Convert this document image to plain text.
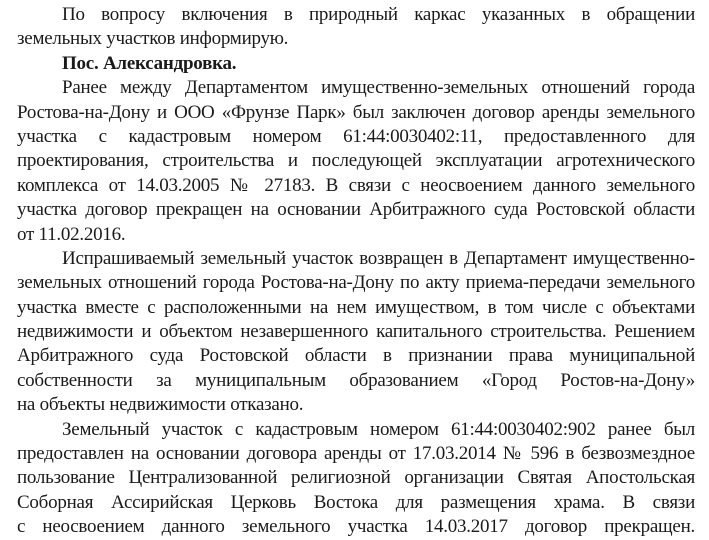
По вопросу включения в природный каркас указанных в обращении
земельных участков информирую.
Пос. Александровка.
Ранее между Департаментом имущественно-земельных отношений города
Ростова-на-Дону и ООО «Фрунзе Парк» был заключен договор аренды земельного
участка с кадастровым номером 61:44:0030402:11, предоставленного для
проектирования, строительства и последующей эксплуатации агротехнического
комплекса от 14.03.2005 № 27183. В связи с неосвоением данного земельного
участка договор прекращен на основании Арбитражного суда Ростовской области
от 11.02.2016.
Испрашиваемый земельный участок возвращен в Департамент имущественно-
земельных отношений города Ростова-на-Дону по акту приема-передачи земельного
участка вместе с расположенными на нем имуществом, в том числе с объектами
недвижимости и объектом незавершенного капитального строительства. Решением
Арбитражного суда Ростовской области в признании права муниципальной
собственности за муниципальным образованием «Город Ростов-на-Дону»
на объекты недвижимости отказано.
Земельный участок с кадастровым номером 61:44:0030402:902 ранее был
предоставлен на основании договора аренды от 17.03.2014 № 596 в безвозмездное
пользование Централизованной религиозной организации Святая Апостольская
Соборная Ассирийская Церковь Востока для размещения храма. В связи
с неосвоением данного земельного участка 14.03.2017 договор прекращен.
